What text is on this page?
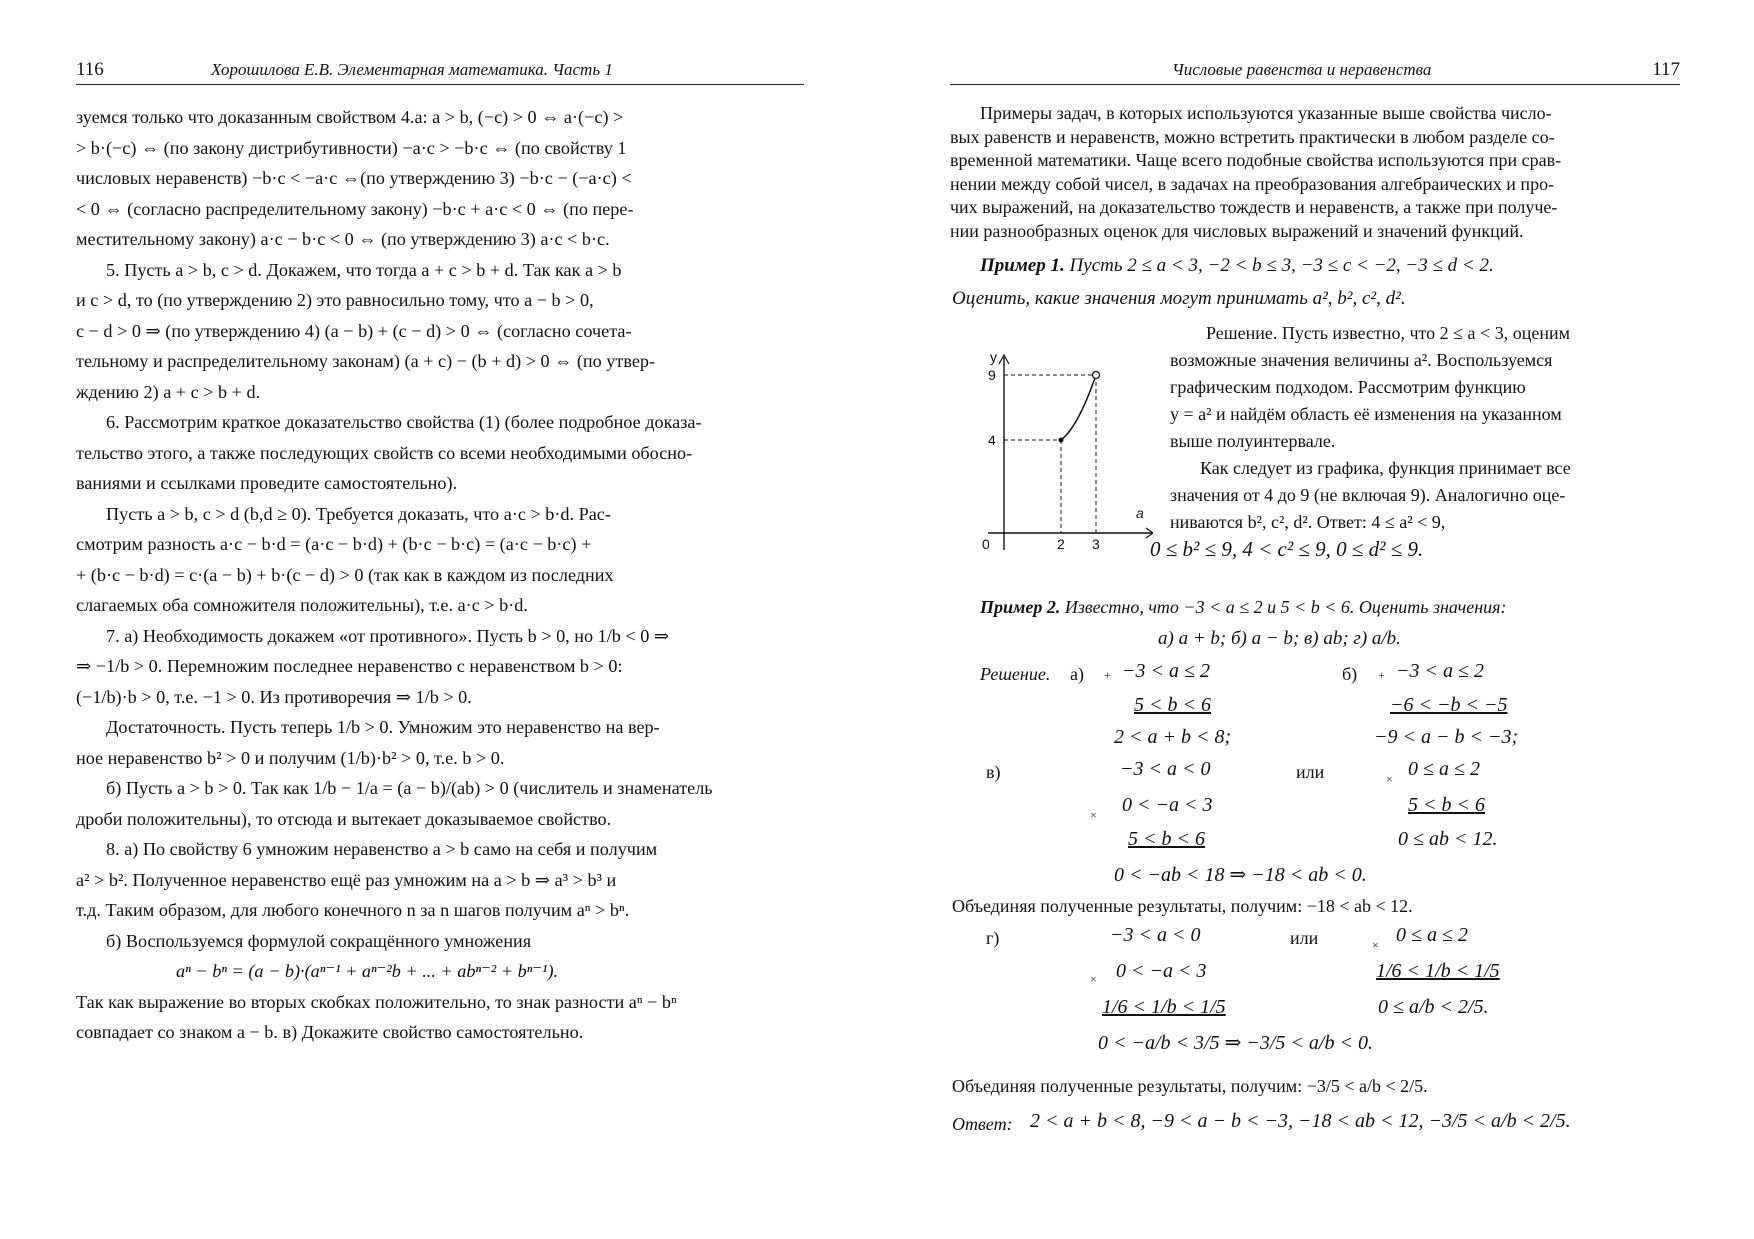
116	Хорошилова Е.В. Элементарная математика. Часть 1
зуемся только что доказанным свойством 4.а: a > b, (−c) > 0 ⇔ a·(−c) >
> b·(−c) ⇔ (по закону дистрибутивности) −a·c > −b·c ⇔ (по свойству 1
числовых неравенств) −b·c < −a·c ⇔(по утверждению 3) −b·c − (−a·c) <
< 0 ⇔ (согласно распределительному закону) −b·c + a·c < 0 ⇔ (по пере-
местительному закону) a·c − b·c < 0 ⇔ (по утверждению 3) a·c < b·c.
5. Пусть a > b, c > d. Докажем, что тогда a + c > b + d. Так как a > b
и c > d, то (по утверждению 2) это равносильно тому, что a − b > 0,
c − d > 0 ⇒ (по утверждению 4) (a − b) + (c − d) > 0 ⇔ (согласно сочета-
тельному и распределительному законам) (a + c) − (b + d) > 0 ⇔ (по утвер-
ждению 2) a + c > b + d.
6. Рассмотрим краткое доказательство свойства (1) (более подробное доказа-
тельство этого, а также последующих свойств со всеми необходимыми обосно-
ваниями и ссылками проведите самостоятельно).
Пусть a > b, c > d (b,d ≥ 0). Требуется доказать, что a·c > b·d. Рас-
смотрим разность a·c − b·d = (a·c − b·d) + (b·c − b·c) = (a·c − b·c) +
+ (b·c − b·d) = c·(a − b) + b·(c − d) > 0 (так как в каждом из последних
слагаемых оба сомножителя положительны), т.е. a·c > b·d.
7. а) Необходимость докажем «от противного». Пусть b > 0, но 1/b < 0 ⇒
⇒ −1/b > 0. Перемножим последнее неравенство с неравенством b > 0:
(−1/b)·b > 0, т.е. −1 > 0. Из противоречия ⇒ 1/b > 0.
Достаточность. Пусть теперь 1/b > 0. Умножим это неравенство на вер-
ное неравенство b² > 0 и получим (1/b)·b² > 0, т.е. b > 0.
б) Пусть a > b > 0. Так как 1/b − 1/a = (a − b)/(ab) > 0 (числитель и знаменатель
дроби положительны), то отсюда и вытекает доказываемое свойство.
8. а) По свойству 6 умножим неравенство a > b само на себя и получим
a² > b². Полученное неравенство ещё раз умножим на a > b ⇒ a³ > b³ и
т.д. Таким образом, для любого конечного n за n шагов получим aⁿ > bⁿ.
б) Воспользуемся формулой сокращённого умножения
aⁿ − bⁿ = (a − b)·(aⁿ⁻¹ + aⁿ⁻²b + ... + abⁿ⁻² + bⁿ⁻¹).
Так как выражение во вторых скобках положительно, то знак разности aⁿ − bⁿ
совпадает со знаком a − b. в) Докажите свойство самостоятельно.
Числовые равенства и неравенства	117
Примеры задач, в которых используются указанные выше свойства число-
вых равенств и неравенств, можно встретить практически в любом разделе со-
временной математики. Чаще всего подобные свойства используются при срав-
нении между собой чисел, в задачах на преобразования алгебраических и про-
чих выражений, на доказательство тождеств и неравенств, а также при получе-
нии разнообразных оценок для числовых выражений и значений функций.
Пример 1. Пусть 2 ≤ a < 3, −2 < b ≤ 3, −3 ≤ c < −2, −3 ≤ d < 2.
Оценить, какие значения могут принимать a², b², c², d².
y
9
4
0	2 3
a
Решение. Пусть известно, что 2 ≤ a < 3, оценим
возможные значения величины a². Воспользуемся
графическим подходом. Рассмотрим функцию
y = a² и найдём область её изменения на указанном
выше полуинтервале.
Как следует из графика, функция принимает все
значения от 4 до 9 (не включая 9). Аналогично оце-
ниваются b², c², d². Ответ: 4 ≤ a² < 9,
0 ≤ b² ≤ 9, 4 < c² ≤ 9, 0 ≤ d² ≤ 9.
Пример 2. Известно, что −3 < a ≤ 2 и 5 < b < 6. Оценить значения:
а) a + b; б) a − b; в) ab; г) a/b.
Решение. а) + −3 < a ≤ 2
5 < b < 6
2 < a + b < 8;
б) + −3 < a ≤ 2
−6 < −b < −5
−9 < a − b < −3;
в)	−3 < a < 0	или	× 0 ≤ a ≤ 2
× 0 < −a < 3	5 < b < 6
5 < b < 6	0 ≤ ab < 12.
0 < −ab < 18 ⇒ −18 < ab < 0.
Объединяя полученные результаты, получим: −18 < ab < 12.
г)	−3 < a < 0	или	× 0 ≤ a ≤ 2
× 0 < −a < 3	1/6 < 1/b < 1/5
1/6 < 1/b < 1/5	0 ≤ a/b < 2/5.
0 < −a/b < 3/5 ⇒ −3/5 < a/b < 0.
Объединяя полученные результаты, получим: −3/5 < a/b < 2/5.
Ответ: 2 < a + b < 8, −9 < a − b < −3, −18 < ab < 12, −3/5 < a/b < 2/5.
